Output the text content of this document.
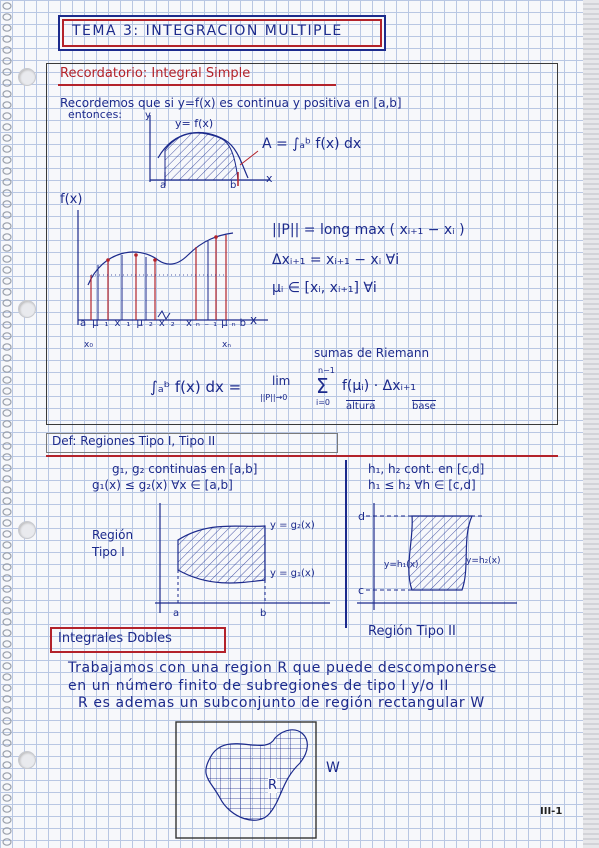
TEMA 3: INTEGRACION MULTIPLE
Recordatorio: Integral Simple
Recordemos que si y=f(x) es continua y positiva en [a,b]
entonces:
y= f(x)
y
a	b
x
A = ∫ₐᵇ f(x) dx
f(x)
aμ₁x₁μ₂x₂ xₙ₋₁μₙb
x₀	xₙ
x
||P|| = long max ( xᵢ₊₁ − xᵢ )
Δxᵢ₊₁ = xᵢ₊₁ − xᵢ ∀i
μᵢ ∈ [xᵢ, xᵢ₊₁] ∀i
sumas de Riemann
∫ₐᵇ f(x) dx =	lim
||P||→0
n−1
Σ
i=0
f(μᵢ) · Δxᵢ₊₁
altura	base
Def: Regiones Tipo I, Tipo II
g₁, g₂ continuas en [a,b]
g₁(x) ≤ g₂(x) ∀x ∈ [a,b]
h₁, h₂ cont. en [c,d]
h₁ ≤ h₂ ∀h ∈ [c,d]
Región
Tipo I
y = g₂(x)
y = g₁(x)
a	b
d
c
y=h₁(x)	y=h₂(x)
Región Tipo II
Integrales Dobles
Trabajamos con una region R que puede descomponerse
en un número finito de subregiones de tipo I y/o II
R es ademas un subconjunto de región rectangular W
R
W
III-1
